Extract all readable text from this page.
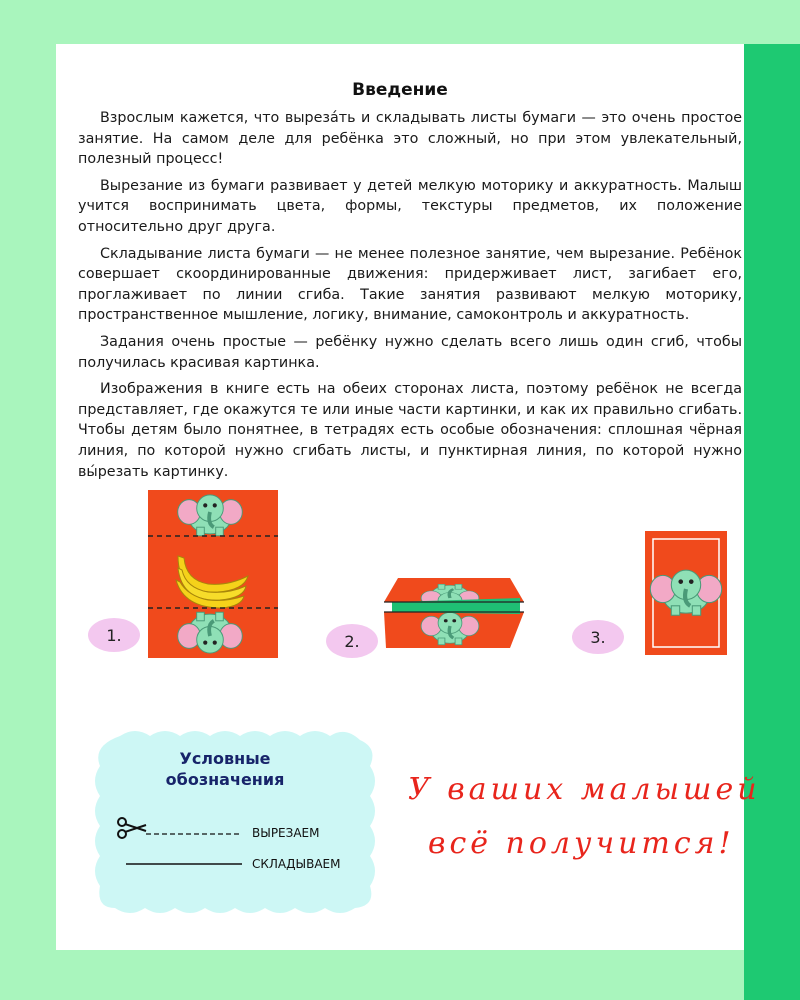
Введение

Взрослым кажется, что вырезáть и складывать листы бумаги — это очень простое занятие. На самом деле для ребёнка это сложный, но при этом увлекательный, полезный процесс!

Вырезание из бумаги развивает у детей мелкую моторику и аккуратность. Малыш учится воспринимать цвета, формы, текстуры предметов, их положение относительно друг друга.

Складывание листа бумаги — не менее полезное занятие, чем вырезание. Ребёнок совершает скоординированные движения: придерживает лист, загибает его, проглаживает по линии сгиба. Такие занятия развивают мелкую моторику, пространственное мышление, логику, внимание, самоконтроль и аккуратность.

Задания очень простые — ребёнку нужно сделать всего лишь один сгиб, чтобы получилась красивая картинка.

Изображения в книге есть на обеих сторонах листа, поэтому ребёнок не всегда представляет, где окажутся те или иные части картинки, и как их правильно сгибать. Чтобы детям было понятнее, в тетрадях есть особые обозначения: сплошная чёрная линия, по которой нужно сгибать листы, и пунктирная линия, по которой нужно вы́резать картинку.

1.	2.	3.
Условные
обозначения
ВЫРЕЗАЕМ
СКЛАДЫВАЕМ
У ваших малышей
всё получится!
